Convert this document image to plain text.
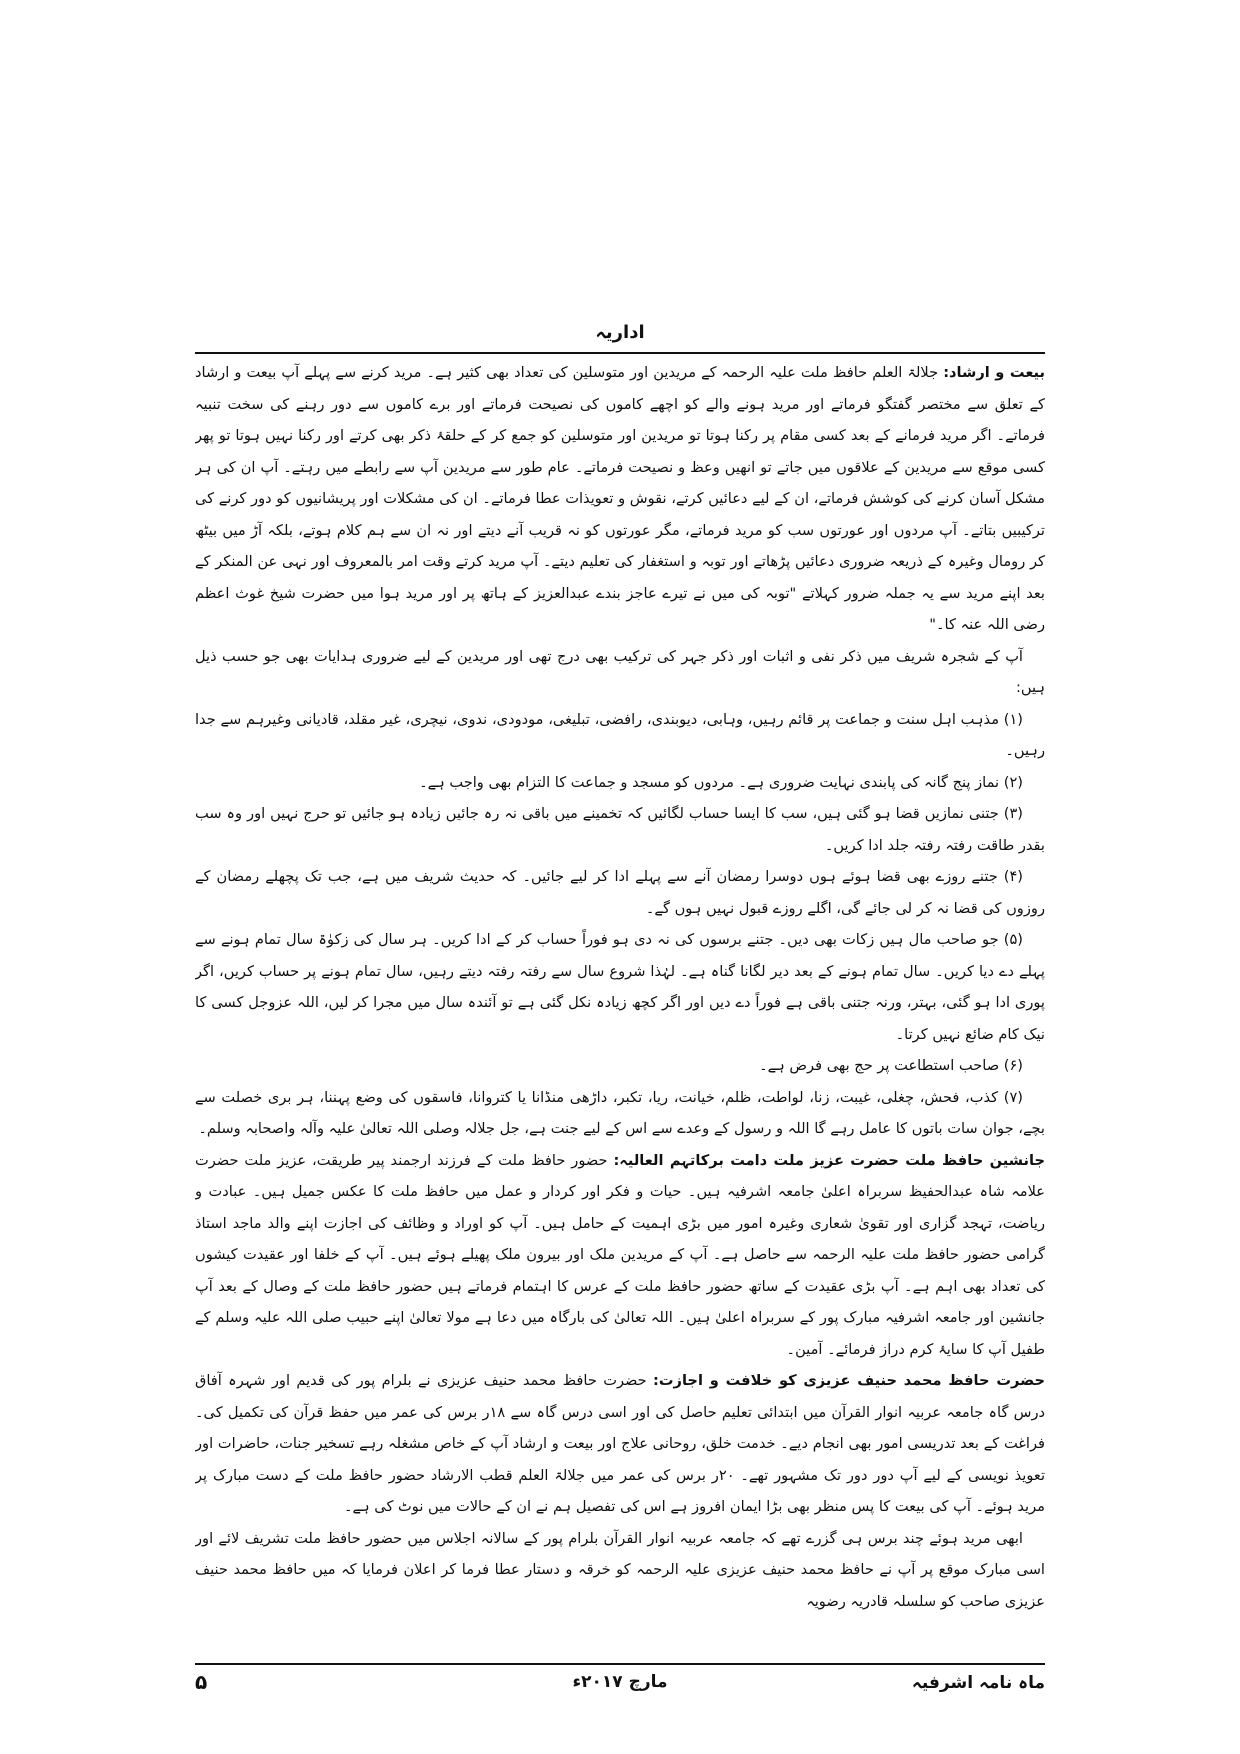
اداریہ

بیعت و ارشاد: جلالۃ العلم حافظ ملت علیہ الرحمہ کے مریدین اور متوسلین کی تعداد بھی کثیر ہے۔ مرید کرنے سے پہلے آپ بیعت و ارشاد کے تعلق سے مختصر گفتگو فرماتے اور مرید ہونے والے کو اچھے کاموں کی نصیحت فرماتے اور برے کاموں سے دور رہنے کی سخت تنبیہ فرماتے۔ اگر مرید فرمانے کے بعد کسی مقام پر رکنا ہوتا تو مریدین اور متوسلین کو جمع کر کے حلقۂ ذکر بھی کرتے اور رکنا نہیں ہوتا تو پھر کسی موقع سے مریدین کے علاقوں میں جاتے تو انھیں وعظ و نصیحت فرماتے۔ عام طور سے مریدین آپ سے رابطے میں رہتے۔ آپ ان کی ہر مشکل آسان کرنے کی کوشش فرماتے، ان کے لیے دعائیں کرتے، نقوش و تعویذات عطا فرماتے۔ ان کی مشکلات اور پریشانیوں کو دور کرنے کی ترکیبیں بتاتے۔ آپ مردوں اور عورتوں سب کو مرید فرماتے، مگر عورتوں کو نہ قریب آنے دیتے اور نہ ان سے ہم کلام ہوتے، بلکہ آڑ میں بیٹھ کر رومال وغیرہ کے ذریعہ ضروری دعائیں پڑھاتے اور توبہ و استغفار کی تعلیم دیتے۔ آپ مرید کرتے وقت امر بالمعروف اور نہی عن المنکر کے بعد اپنے مرید سے یہ جملہ ضرور کہلاتے "توبہ کی میں نے تیرے عاجز بندے عبدالعزیز کے ہاتھ پر اور مرید ہوا میں حضرت شیخ غوث اعظم رضی اللہ عنہ کا۔"

آپ کے شجرہ شریف میں ذکر نفی و اثبات اور ذکر جہر کی ترکیب بھی درج تھی اور مریدین کے لیے ضروری ہدایات بھی جو حسب ذیل ہیں:

(۱) مذہب اہل سنت و جماعت پر قائم رہیں، وہابی، دیوبندی، رافضی، تبلیغی، مودودی، ندوی، نیچری، غیر مقلد، قادیانی وغیرہم سے جدا رہیں۔

(۲) نماز پنج گانہ کی پابندی نہایت ضروری ہے۔ مردوں کو مسجد و جماعت کا التزام بھی واجب ہے۔

(۳) جتنی نمازیں قضا ہو گئی ہیں، سب کا ایسا حساب لگائیں کہ تخمینے میں باقی نہ رہ جائیں زیادہ ہو جائیں تو حرج نہیں اور وہ سب بقدر طاقت رفتہ رفتہ جلد ادا کریں۔

(۴) جتنے روزے بھی قضا ہوئے ہوں دوسرا رمضان آنے سے پہلے ادا کر لیے جائیں۔ کہ حدیث شریف میں ہے، جب تک پچھلے رمضان کے روزوں کی قضا نہ کر لی جائے گی، اگلے روزے قبول نہیں ہوں گے۔

(۵) جو صاحب مال ہیں زکات بھی دیں۔ جتنے برسوں کی نہ دی ہو فوراً حساب کر کے ادا کریں۔ ہر سال کی زکوٰۃ سال تمام ہونے سے پہلے دے دیا کریں۔ سال تمام ہونے کے بعد دیر لگانا گناہ ہے۔ لہٰذا شروع سال سے رفتہ رفتہ دیتے رہیں، سال تمام ہونے پر حساب کریں، اگر پوری ادا ہو گئی، بہتر، ورنہ جتنی باقی ہے فوراً دے دیں اور اگر کچھ زیادہ نکل گئی ہے تو آئندہ سال میں مجرا کر لیں، اللہ عزوجل کسی کا نیک کام ضائع نہیں کرتا۔

(۶) صاحب استطاعت پر حج بھی فرض ہے۔

(۷) کذب، فحش، چغلی، غیبت، زنا، لواطت، ظلم، خیانت، ریا، تکبر، داڑھی منڈانا یا کتروانا، فاسقوں کی وضع پہننا، ہر بری خصلت سے بچے، جوان سات باتوں کا عامل رہے گا اللہ و رسول کے وعدے سے اس کے لیے جنت ہے، جل جلالہ وصلی اللہ تعالیٰ علیہ وآلہ واصحابہ وسلم۔

جانشین حافظ ملت حضرت عزیز ملت دامت برکاتہم العالیہ: حضور حافظ ملت کے فرزند ارجمند پیر طریقت، عزیز ملت حضرت علامہ شاہ عبدالحفیظ سربراہ اعلیٰ جامعہ اشرفیہ ہیں۔ حیات و فکر اور کردار و عمل میں حافظ ملت کا عکس جمیل ہیں۔ عبادت و ریاضت، تہجد گزاری اور تقویٰ شعاری وغیرہ امور میں بڑی اہمیت کے حامل ہیں۔ آپ کو اوراد و وظائف کی اجازت اپنے والد ماجد استاذ گرامی حضور حافظ ملت علیہ الرحمہ سے حاصل ہے۔ آپ کے مریدین ملک اور بیرون ملک پھیلے ہوئے ہیں۔ آپ کے خلفا اور عقیدت کیشوں کی تعداد بھی اہم ہے۔ آپ بڑی عقیدت کے ساتھ حضور حافظ ملت کے عرس کا اہتمام فرماتے ہیں حضور حافظ ملت کے وصال کے بعد آپ جانشین اور جامعہ اشرفیہ مبارک پور کے سربراہ اعلیٰ ہیں۔ اللہ تعالیٰ کی بارگاہ میں دعا ہے مولا تعالیٰ اپنے حبیب صلی اللہ علیہ وسلم کے طفیل آپ کا سایۂ کرم دراز فرمائے۔ آمین۔

حضرت حافظ محمد حنیف عزیزی کو خلافت و اجازت: حضرت حافظ محمد حنیف عزیزی نے بلرام پور کی قدیم اور شہرہ آفاق درس گاہ جامعہ عربیہ انوار القرآن میں ابتدائی تعلیم حاصل کی اور اسی درس گاہ سے ۱۸ر برس کی عمر میں حفظ قرآن کی تکمیل کی۔ فراغت کے بعد تدریسی امور بھی انجام دیے۔ خدمت خلق، روحانی علاج اور بیعت و ارشاد آپ کے خاص مشغلہ رہے تسخیر جنات، حاضرات اور تعویذ نویسی کے لیے آپ دور دور تک مشہور تھے۔ ۲۰ر برس کی عمر میں جلالۃ العلم قطب الارشاد حضور حافظ ملت کے دست مبارک پر مرید ہوئے۔ آپ کی بیعت کا پس منظر بھی بڑا ایمان افروز ہے اس کی تفصیل ہم نے ان کے حالات میں نوٹ کی ہے۔

ابھی مرید ہوئے چند برس ہی گزرے تھے کہ جامعہ عربیہ انوار القرآن بلرام پور کے سالانہ اجلاس میں حضور حافظ ملت تشریف لائے اور اسی مبارک موقع پر آپ نے حافظ محمد حنیف عزیزی علیہ الرحمہ کو خرقہ و دستار عطا فرما کر اعلان فرمایا کہ میں حافظ محمد حنیف عزیزی صاحب کو سلسلہ قادریہ رضویہ

ماہ نامہ اشرفیہ
مارچ ۲۰۱۷ء
۵
